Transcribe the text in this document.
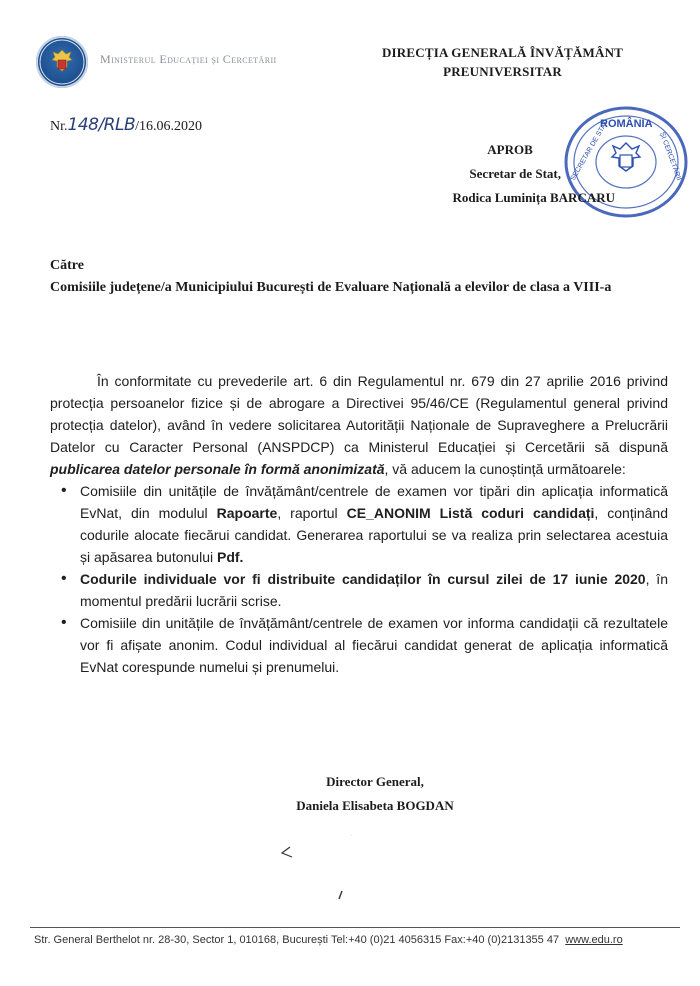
Ministerul Educației și Cercetării	DIRECȚIA GENERALĂ ÎNVĂȚĂMÂNT
PREUNIVERSITAR
Nr.148/RLB/16.06.2020	ROMÂNIA
SECRETAR DE STAT	ȘI CERCETĂRII
APROB
Secretar de Stat,
Rodica Luminița BARCARU
Către
Comisiile județene/a Municipiului București de Evaluare Națională a elevilor de clasa a VIII-a

În conformitate cu prevederile art. 6 din Regulamentul nr. 679 din 27 aprilie 2016 privind protecția persoanelor fizice și de abrogare a Directivei 95/46/CE (Regulamentul general privind protecția datelor), având în vedere solicitarea Autorității Naționale de Supraveghere a Prelucrării Datelor cu Caracter Personal (ANSPDCP) ca Ministerul Educației și Cercetării să dispună publicarea datelor personale în formă anonimizată, vă aducem la cunoștință următoarele:

• Comisiile din unitățile de învățământ/centrele de examen vor tipări din aplicația informatică EvNat, din modulul Rapoarte, raportul CE_ANONIM Listă coduri candidați, conținând codurile alocate fiecărui candidat. Generarea raportului se va realiza prin selectarea acestuia și apăsarea butonului Pdf.
• Codurile individuale vor fi distribuite candidaților în cursul zilei de 17 iunie 2020, în momentul predării lucrării scrise.
• Comisiile din unitățile de învățământ/centrele de examen vor informa candidații că rezultatele vor fi afișate anonim. Codul individual al fiecărui candidat generat de aplicația informatică EvNat corespunde numelui și prenumelui.
Director General,
Daniela Elisabeta BOGDAN
Str. General Berthelot nr. 28-30, Sector 1, 010168, București Tel:+40 (0)21 4056315 Fax:+40 (0)2131355 47 www.edu.ro
